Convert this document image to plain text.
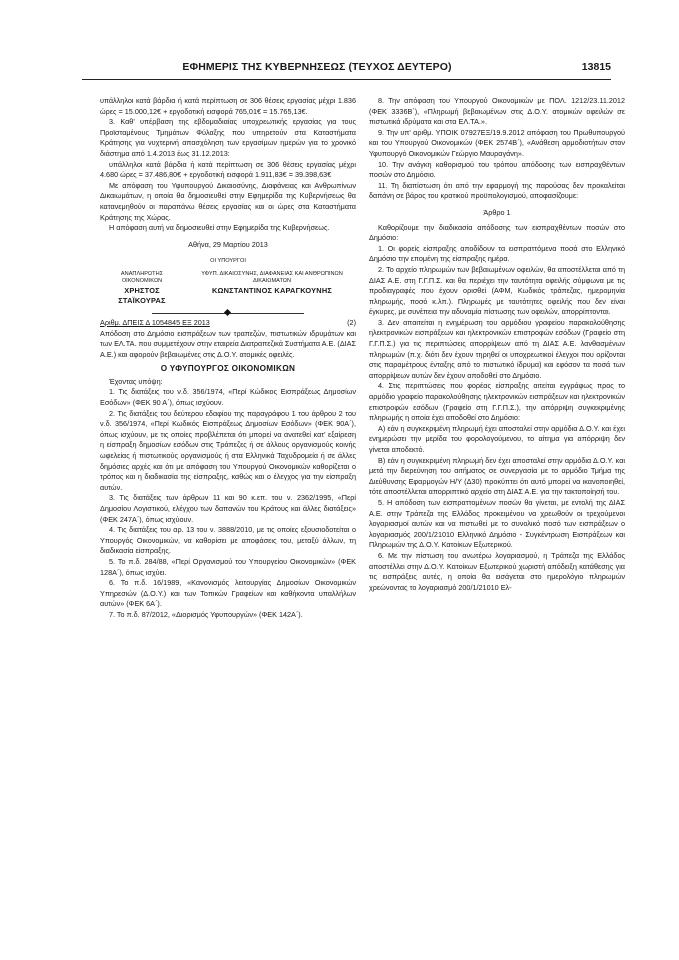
ΕΦΗΜΕΡΙΣ ΤΗΣ ΚΥΒΕΡΝΗΣΕΩΣ (ΤΕΥΧΟΣ ΔΕΥΤΕΡΟ)	13815

υπάλληλοι κατά βάρδια ή κατά περίπτωση σε 306 θέσεις εργασίας μέχρι 1.836 ώρες = 15.000,12€ + εργοδοτική εισφορά 765,01€ = 15.765,13€.

3. Καθ' υπέρβαση της εβδομαδιαίας υποχρεωτικής εργασίας για τους Προϊσταμένους Τμημάτων Φύλαξης που υπηρετούν στα Καταστήματα Κράτησης για νυχτερινή απασχόληση των εργασίμων ημερών για το χρονικό διάστημα από 1.4.2013 έως 31.12.2013:

υπάλληλοι κατά βάρδια ή κατά περίπτωση σε 306 θέσεις εργασίας μέχρι 4.680 ώρες = 37.486,80€ + εργοδοτική εισφορά 1.911,83€ = 39.398,63€

Με απόφαση του Υφυπουργού Δικαιοσύνης, Διαφάνειας και Ανθρωπίνων Δικαιωμάτων, η οποία θα δημοσιευθεί στην Εφημερίδα της Κυβερνήσεως θα κατανεμηθούν οι παραπάνω θέσεις εργασίας και οι ώρες στα Καταστήματα Κράτησης της Χώρας.

Η απόφαση αυτή να δημοσιευθεί στην Εφημερίδα της Κυβερνήσεως.

Αθήνα, 29 Μαρτίου 2013

ΟΙ ΥΠΟΥΡΓΟΙ

ΑΝΑΠΛΗΡΩΤΗΣ ΟΙΚΟΝΟΜΙΚΩΝ
ΧΡΗΣΤΟΣ ΣΤΑΪΚΟΥΡΑΣ
ΥΦΥΠ. ΔΙΚΑΙΟΣΥΝΗΣ, ΔΙΑΦΑΝΕΙΑΣ ΚΑΙ ΑΝΘΡΩΠΙΝΩΝ ΔΙΚΑΙΩΜΑΤΩΝ
ΚΩΝΣΤΑΝΤΙΝΟΣ ΚΑΡΑΓΚΟΥΝΗΣ
Αριθμ. ΔΠΕΙΣ Δ 1054845 ΕΞ 2013	(2)

Απόδοση στο Δημόσιο εισπράξεων των τραπεζών, πιστωτικών ιδρυμάτων και των ΕΛ.ΤΑ. που συμμετέχουν στην εταιρεία Διατραπεζικά Συστήματα Α.Ε. (ΔΙΑΣ Α.Ε.) και αφορούν βεβαιωμένες στις Δ.Ο.Υ. ατομικές οφειλές.

Ο ΥΦΥΠΟΥΡΓΟΣ ΟΙΚΟΝΟΜΙΚΩΝ

Έχοντας υπόψη:

1. Τις διατάξεις του ν.δ. 356/1974, «Περί Κώδικος Εισπράξεως Δημοσίων Εσόδων» (ΦΕΚ 90 Α΄), όπως ισχύουν.

2. Τις διατάξεις του δεύτερου εδαφίου της παραγράφου 1 του άρθρου 2 του ν.δ. 356/1974, «Περί Κωδικός Εισπράξεως Δημοσίων Εσόδων» (ΦΕΚ 90Α΄), όπως ισχύουν, με τις οποίες προβλέπεται ότι μπορεί να ανατεθεί κατ' εξαίρεση η είσπραξη δημοσίων εσόδων στις Τράπεζες ή σε άλλους οργανισμούς κοινής ωφελείας ή πιστωτικούς οργανισμούς ή στα Ελληνικά Ταχυδρομεία ή σε άλλες δημόσιες αρχές και ότι με απόφαση του Υπουργού Οικονομικών καθορίζεται ο τρόπος και η διαδικασία της είσπραξης, καθώς και ο έλεγχος για την είσπραξη αυτών.

3. Τις διατάξεις των άρθρων 11 και 90 κ.επ. του ν. 2362/1995, «Περί Δημοσίου Λογιστικού, ελέγχου των δαπανών του Κράτους και άλλες διατάξεις» (ΦΕΚ 247Α΄), όπως ισχύουν.

4. Τις διατάξεις του αρ. 13 του ν. 3888/2010, με τις οποίες εξουσιοδοτείται ο Υπουργός Οικονομικών, να καθορίσει με αποφάσεις του, μεταξύ άλλων, τη διαδικασία είσπραξης.

5. Το π.δ. 284/88, «Περί Οργανισμού του Υπουργείου Οικονομικών» (ΦΕΚ 128Α΄), όπως ισχύει.

6. Το π.δ. 16/1989, «Κανονισμός λειτουργίας Δημοσίων Οικονομικών Υπηρεσιών (Δ.Ο.Υ.) και των Τοπικών Γραφείων και καθήκοντα υπαλλήλων αυτών» (ΦΕΚ 6Α΄).

7. Το π.δ. 87/2012, «Διορισμός Υφυπουργών» (ΦΕΚ 142Α΄).

8. Την απόφαση του Υπουργού Οικονομικών με ΠΟΛ. 1212/23.11.2012 (ΦΕΚ 3336Β΄), «Πληρωμή βεβαιωμένων στις Δ.Ο.Υ. ατομικών οφειλών σε πιστωτικά ιδρύματα και στα ΕΛ.ΤΑ.».

9. Την υπ' αριθμ. ΥΠΟΙΚ 07927ΕΞ/19.9.2012 απόφαση του Πρωθυπουργού και του Υπουργού Οικονομικών (ΦΕΚ 2574Β΄), «Ανάθεση αρμοδιοτήτων στον Υφυπουργό Οικονομικών Γεώργιο Μαυραγάνη».

10. Την ανάγκη καθορισμού του τρόπου απόδοσης των εισπραχθέντων ποσών στο Δημόσιο.

11. Τη διαπίστωση ότι από την εφαρμογή της παρούσας δεν προκαλείται δαπάνη σε βάρος του κρατικού προϋπολογισμού, αποφασίζουμε:

Άρθρο 1

Καθορίζουμε την διαδικασία απόδοσης των εισπραχθέντων ποσών στο Δημόσιο:

1. Οι φορείς είσπραξης αποδίδουν τα εισπραττόμενα ποσά στο Ελληνικό Δημόσιο την επομένη της είσπραξης ημέρα.

2. Το αρχείο πληρωμών των βεβαιωμένων οφειλών, θα αποστέλλεται από τη ΔΙΑΣ Α.Ε. στη Γ.Γ.Π.Σ. και θα περιέχει την ταυτότητα οφειλής σύμφωνα με τις προδιαγραφές που έχουν ορισθεί (ΑΦΜ, Κωδικός τράπεζας, ημερομηνία πληρωμής, ποσό κ.λπ.). Πληρωμές με ταυτότητες οφειλής που δεν είναι έγκυρες, με συνέπεια την αδυναμία πίστωσης των οφειλών, απορρίπτονται.

3. Δεν απαιτείται η ενημέρωση του αρμόδιου γραφείου παρακολούθησης ηλεκτρονικών εισπράξεων και ηλεκτρονικών επιστροφών εσόδων (Γραφείο στη Γ.Γ.Π.Σ.) για τις περιπτώσεις απορρίψεων από τη ΔΙΑΣ Α.Ε. λανθασμένων πληρωμών (π.χ. διότι δεν έχουν τηρηθεί οι υποχρεωτικοί έλεγχοι που ορίζονται στις παραμέτρους ένταξης από το πιστωτικό ίδρυμα) και εφόσον τα ποσά των απορρίψεων αυτών δεν έχουν αποδοθεί στο Δημόσιο.

4. Στις περιπτώσεις που φορέας είσπραξης αιτείται εγγράφως προς το αρμόδιο γραφείο παρακολούθησης ηλεκτρονικών εισπράξεων και ηλεκτρονικών επιστροφών εσόδων (Γραφείο στη Γ.Γ.Π.Σ.), την απόρριψη συγκεκριμένης πληρωμής η οποία έχει αποδοθεί στο Δημόσιο:

Α) εάν η συγκεκριμένη πληρωμή έχει αποσταλεί στην αρμόδια Δ.Ο.Υ. και έχει ενημερώσει την μερίδα του φορολογούμενου, το αίτημα για απόρριψη δεν γίνεται αποδεκτό.

Β) εάν η συγκεκριμένη πληρωμή δεν έχει αποσταλεί στην αρμόδια Δ.Ο.Υ. και μετά την διερεύνηση του αιτήματος σε συνεργασία με το αρμόδιο Τμήμα της Διεύθυνσης Εφαρμογών Η/Υ (Δ30) προκύπτει ότι αυτό μπορεί να ικανοποιηθεί, τότε αποστέλλεται απορριπτικό αρχείο στη ΔΙΑΣ Α.Ε. για την τακτοποίησή του.

5. Η απόδοση των εισπραττομένων ποσών θα γίνεται, με εντολή της ΔΙΑΣ Α.Ε. στην Τράπεζα της Ελλάδος προκειμένου να χρεωθούν οι τρεχούμενοι λογαριασμοί αυτών και να πιστωθεί με το συνολικό ποσό των εισπράξεων ο λογαριασμός 200/1/21010 Ελληνικό Δημόσιο - Συγκέντρωση Εισπράξεων και Πληρωμών της Δ.Ο.Υ. Κατοίκων Εξωτερικού.

6. Με την πίστωση του ανωτέρω λογαριασμού, η Τράπεζα της Ελλάδος αποστέλλει στην Δ.Ο.Υ. Κατοίκων Εξωτερικού χωριστή απόδειξη κατάθεσης για τις εισπράξεις αυτές, η οποία θα εισάγεται στο ημερολόγιο πληρωμών χρεώνοντας το λογαριασμό 200/1/21010 Ελ-
